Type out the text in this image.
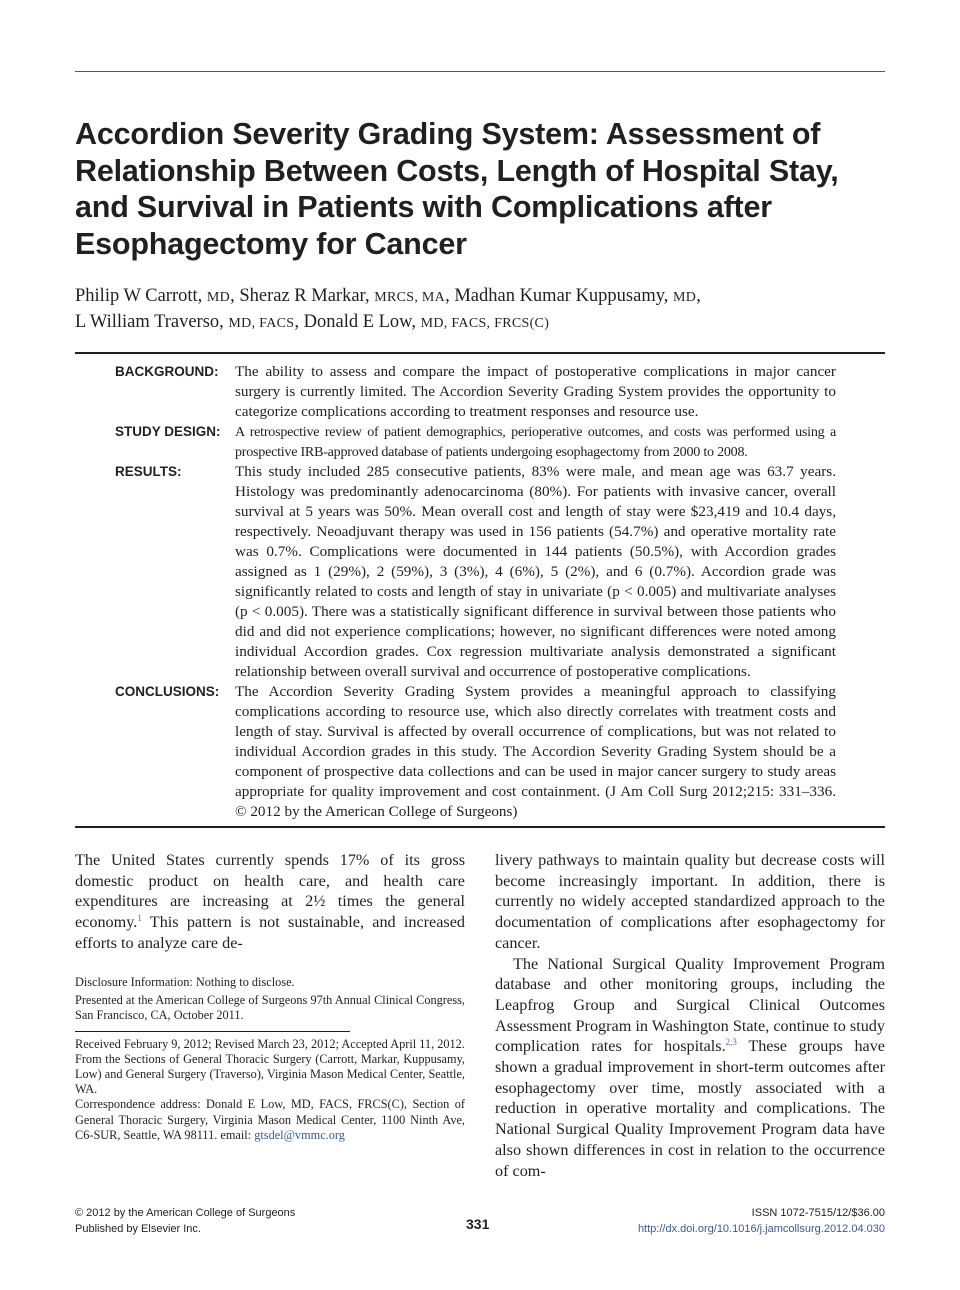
Accordion Severity Grading System: Assessment of Relationship Between Costs, Length of Hospital Stay, and Survival in Patients with Complications after Esophagectomy for Cancer
Philip W Carrott, MD, Sheraz R Markar, MRCS, MA, Madhan Kumar Kuppusamy, MD,
L William Traverso, MD, FACS, Donald E Low, MD, FACS, FRCS(C)
BACKGROUND: The ability to assess and compare the impact of postoperative complications in major cancer surgery is currently limited. The Accordion Severity Grading System provides the opportunity to categorize complications according to treatment responses and resource use.

STUDY DESIGN: A retrospective review of patient demographics, perioperative outcomes, and costs was performed using a prospective IRB-approved database of patients undergoing esophagectomy from 2000 to 2008.

RESULTS:	This study included 285 consecutive patients, 83% were male, and mean age was 63.7 years. Histology was predominantly adenocarcinoma (80%). For patients with invasive cancer, overall survival at 5 years was 50%. Mean overall cost and length of stay were $23,419 and 10.4 days, respectively. Neoadjuvant therapy was used in 156 patients (54.7%) and operative mortality rate was 0.7%. Complications were documented in 144 patients (50.5%), with Accordion grades assigned as 1 (29%), 2 (59%), 3 (3%), 4 (6%), 5 (2%), and 6 (0.7%). Accordion grade was significantly related to costs and length of stay in univariate (p < 0.005) and multivariate analyses (p < 0.005). There was a statistically significant difference in survival between those patients who did and did not experience complications; however, no significant differences were noted among individual Accordion grades. Cox regression multivariate analysis demonstrated a significant relationship between overall survival and occurrence of postoperative complications.

CONCLUSIONS: The Accordion Severity Grading System provides a meaningful approach to classifying complications according to resource use, which also directly correlates with treatment costs and length of stay. Survival is affected by overall occurrence of complications, but was not related to individual Accordion grades in this study. The Accordion Severity Grading System should be a component of prospective data collections and can be used in major cancer surgery to study areas appropriate for quality improvement and cost containment. (J Am Coll Surg 2012;215: 331–336. © 2012 by the American College of Surgeons)

The United States currently spends 17% of its gross domestic product on health care, and health care expenditures are increasing at 2½ times the general economy.$^1$ This pattern is not sustainable, and increased efforts to analyze care de-

livery pathways to maintain quality but decrease costs will become increasingly important. In addition, there is currently no widely accepted standardized approach to the documentation of complications after esophagectomy for cancer.

The National Surgical Quality Improvement Program database and other monitoring groups, including the Leapfrog Group and Surgical Clinical Outcomes Assessment Program in Washington State, continue to study complication rates for hospitals.$^{2,3}$ These groups have shown a gradual improvement in short-term outcomes after esophagectomy over time, mostly associated with a reduction in operative mortality and complications. The National Surgical Quality Improvement Program data have also shown differences in cost in relation to the occurrence of com-

Disclosure Information: Nothing to disclose.

Presented at the American College of Surgeons 97th Annual Clinical Congress, San Francisco, CA, October 2011.

Received February 9, 2012; Revised March 23, 2012; Accepted April 11, 2012.

From the Sections of General Thoracic Surgery (Carrott, Markar, Kuppusamy, Low) and General Surgery (Traverso), Virginia Mason Medical Center, Seattle, WA.

Correspondence address: Donald E Low, MD, FACS, FRCS(C), Section of General Thoracic Surgery, Virginia Mason Medical Center, 1100 Ninth Ave, C6-SUR, Seattle, WA 98111. email: gtsdel@vmmc.org

© 2012 by the American College of Surgeons
Published by Elsevier Inc.	331
ISSN 1072-7515/12/$36.00
http://dx.doi.org/10.1016/j.jamcollsurg.2012.04.030
